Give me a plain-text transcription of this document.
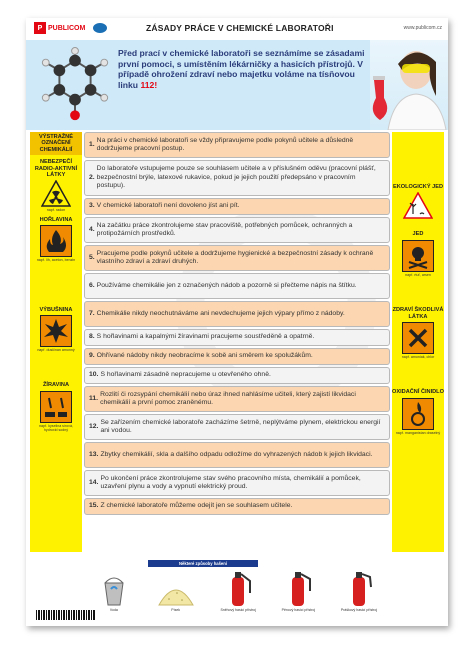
P PUBLICOM	ZÁSADY PRÁCE V CHEMICKÉ LABORATOŘI	www.publicom.cz
Před prací v chemické laboratoři se seznámíme se zásadami první pomoci, s umístěním lékárničky a hasicích přístrojů. V případě ohrožení zdraví nebo majetku voláme na tísňovou linku 112!
VÝSTRAŽNÉ OZNAČENÍ CHEMIKÁLIÍ
NEBEZPEČÍ RADIO-AKTIVNÍ LÁTKY
např. radon
HOŘLAVINA
např. líh, aceton, benzin
VÝBUŠNINA
např. dusičnan amonný
ŽÍRAVINA
např. kyselina sírová, hydroxid sodný
EKOLOGICKÝ JED
JED
např. rtuť, arsen
ZDRAVÍ ŠKODLIVÁ LÁTKA
např. amoniak, chlor
OXIDAČNÍ ČINIDLO
např. manganistan draselný
1.
Na práci v chemické laboratoři se vždy připravujeme podle pokynů učitele a důsledně dodržujeme pracovní postup.
2.
Do laboratoře vstupujeme pouze se souhlasem učitele a v příslušném oděvu (pracovní plášť, bezpečnostní brýle, latexové rukavice, pokud je jejich použití předepsáno v pracovním postupu).
3. V chemické laboratoři není dovoleno jíst ani pít.
4.
Na začátku práce zkontrolujeme stav pracoviště, potřebných pomůcek, ochranných a protipožárních prostředků.
5.
Pracujeme podle pokynů učitele a dodržujeme hygienické a bezpečnostní zásady k ochraně vlastního zdraví a zdraví druhých.
6. Používáme chemikálie jen z označených nádob a pozorně si přečteme nápis na štítku.
7. Chemikálie nikdy neochutnáváme ani nevdechujeme jejich výpary přímo z nádoby.
8. S hořlavinami a kapalnými žíravinami pracujeme soustředěně a opatrně.
9. Ohřívané nádoby nikdy neobracíme k sobě ani směrem ke spolužákům.
10. S hořlavinami zásadně nepracujeme u otevřeného ohně.
11.
Rozlití či rozsypání chemikálií nebo úraz ihned nahlásíme učiteli, který zajistí likvidaci chemikálií a první pomoc zraněnému.
12.
Se zařízením chemické laboratoře zacházíme šetrně, neplýtváme plynem, elektrickou energií ani vodou.
13. Zbytky chemikálií, skla a dalšího odpadu odložíme do vyhrazených nádob k jejich likvidaci.
14.
Po ukončení práce zkontrolujeme stav svého pracovního místa, chemikálií a pomůcek, uzavření plynu a vody a vypnutí elektrický proud.
15. Z chemické laboratoře můžeme odejít jen se souhlasem učitele.
Některé způsoby hašení
Voda	Písek	Sněhový hasicí přístroj	Pěnový hasicí přístroj	Práškový hasicí přístroj
